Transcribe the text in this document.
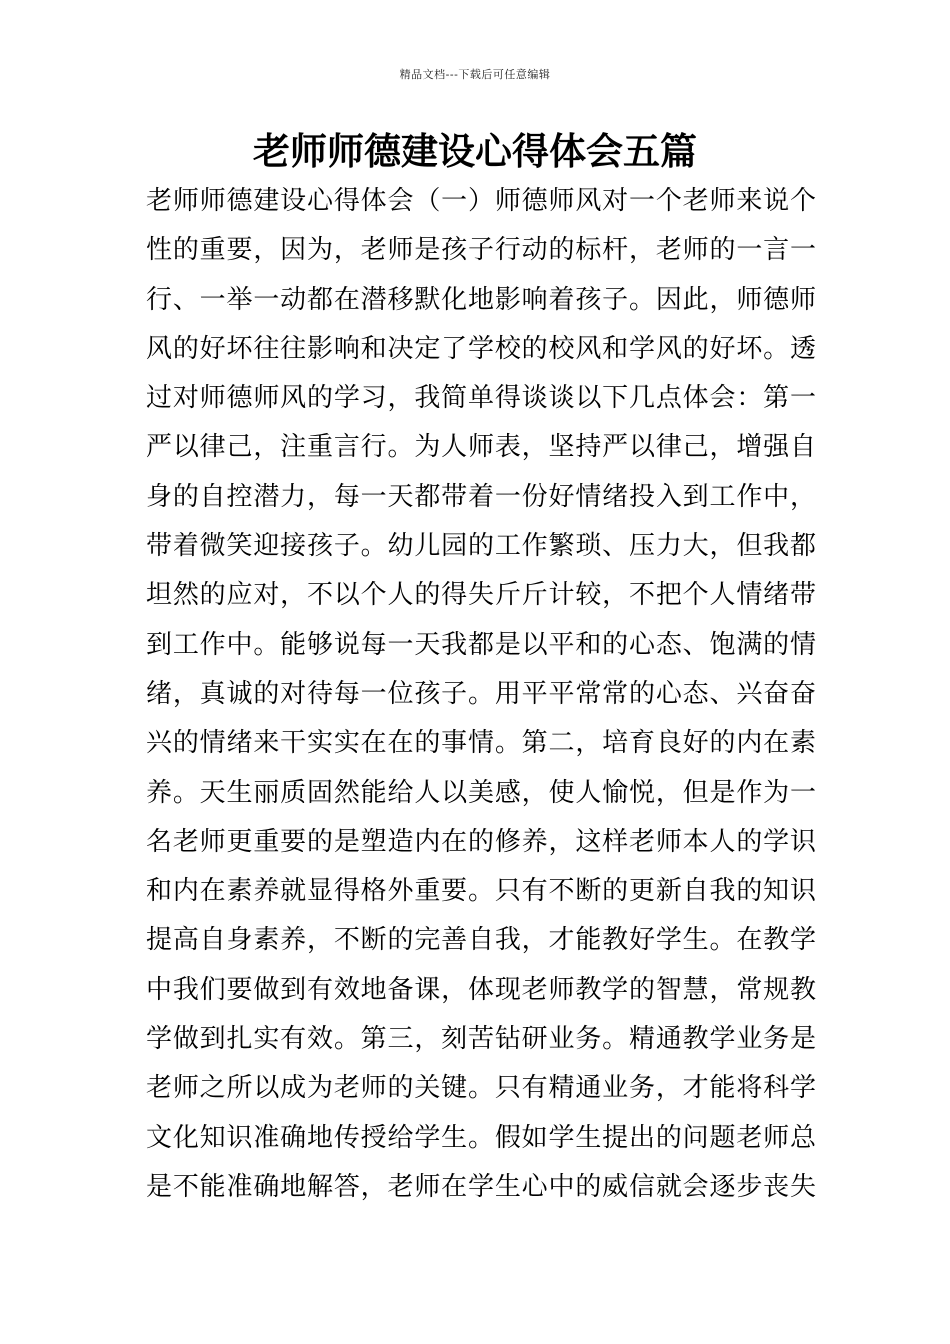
精品文档---下载后可任意编辑
老师师德建设心得体会五篇
老师师德建设心得体会（一）师德师风对一个老师来说个
性的重要，因为，老师是孩子行动的标杆，老师的一言一
行、一举一动都在潜移默化地影响着孩子。因此，师德师
风的好坏往往影响和决定了学校的校风和学风的好坏。透
过对师德师风的学习，我简单得谈谈以下几点体会：第一
严以律己，注重言行。为人师表，坚持严以律己，增强自
身的自控潜力，每一天都带着一份好情绪投入到工作中，
带着微笑迎接孩子。幼儿园的工作繁琐、压力大，但我都
坦然的应对，不以个人的得失斤斤计较，不把个人情绪带
到工作中。能够说每一天我都是以平和的心态、饱满的情
绪，真诚的对待每一位孩子。用平平常常的心态、兴奋奋
兴的情绪来干实实在在的事情。第二，培育良好的内在素
养。天生丽质固然能给人以美感，使人愉悦，但是作为一
名老师更重要的是塑造内在的修养，这样老师本人的学识
和内在素养就显得格外重要。只有不断的更新自我的知识
提高自身素养，不断的完善自我，才能教好学生。在教学
中我们要做到有效地备课，体现老师教学的智慧，常规教
学做到扎实有效。第三，刻苦钻研业务。精通教学业务是
老师之所以成为老师的关键。只有精通业务，才能将科学
文化知识准确地传授给学生。假如学生提出的问题老师总
是不能准确地解答，老师在学生心中的威信就会逐步丧失
